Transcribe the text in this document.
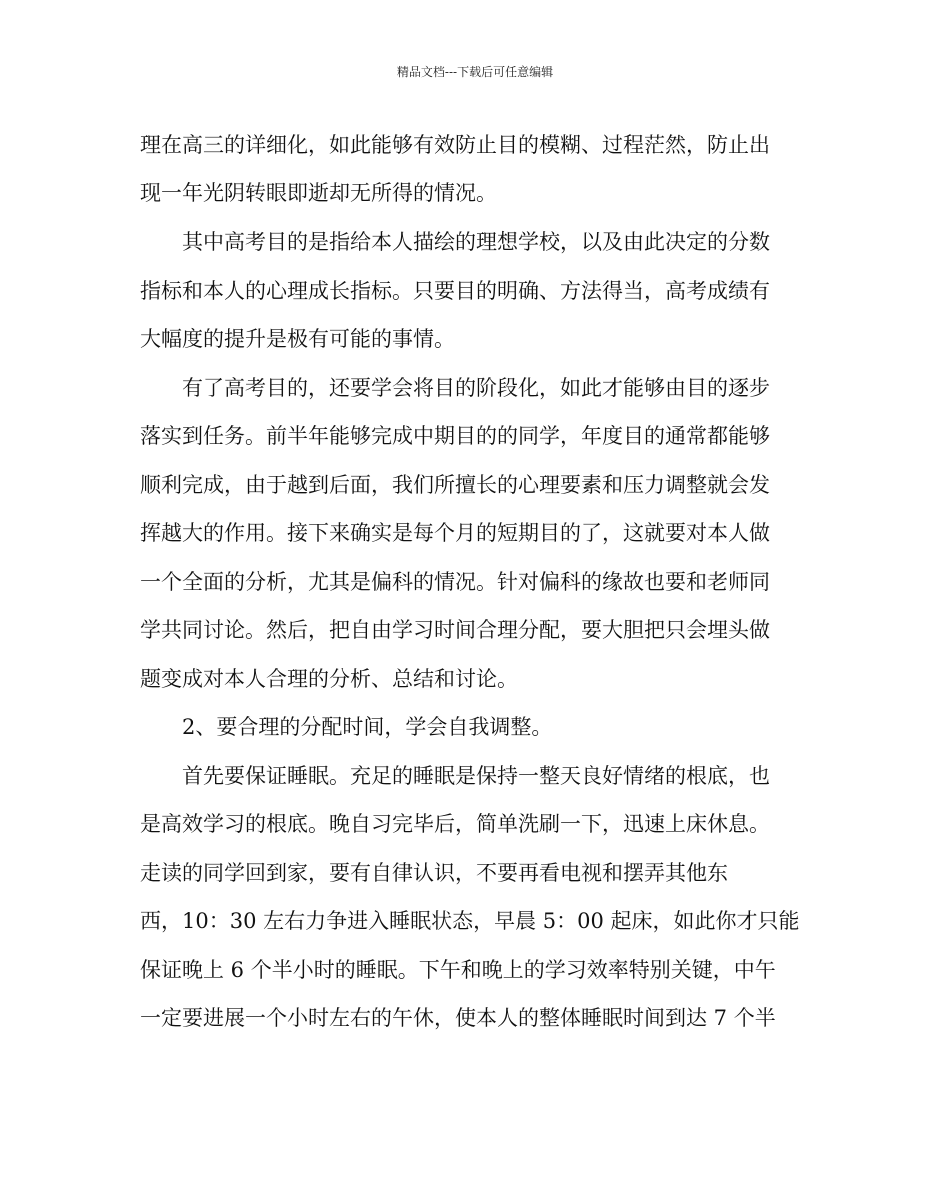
精品文档---下载后可任意编辑
理在高三的详细化，如此能够有效防止目的模糊、过程茫然，防止出
现一年光阴转眼即逝却无所得的情况。
其中高考目的是指给本人描绘的理想学校，以及由此决定的分数
指标和本人的心理成长指标。只要目的明确、方法得当，高考成绩有
大幅度的提升是极有可能的事情。
有了高考目的，还要学会将目的阶段化，如此才能够由目的逐步
落实到任务。前半年能够完成中期目的的同学，年度目的通常都能够
顺利完成，由于越到后面，我们所擅长的心理要素和压力调整就会发
挥越大的作用。接下来确实是每个月的短期目的了，这就要对本人做
一个全面的分析，尤其是偏科的情况。针对偏科的缘故也要和老师同
学共同讨论。然后，把自由学习时间合理分配，要大胆把只会埋头做
题变成对本人合理的分析、总结和讨论。
2、要合理的分配时间，学会自我调整。
首先要保证睡眠。充足的睡眠是保持一整天良好情绪的根底，也
是高效学习的根底。晚自习完毕后，简单洗刷一下，迅速上床休息。
走读的同学回到家，要有自律认识，不要再看电视和摆弄其他东
西，10：30 左右力争进入睡眠状态，早晨 5：00 起床，如此你才只能
保证晚上 6 个半小时的睡眠。下午和晚上的学习效率特别关键，中午
一定要进展一个小时左右的午休，使本人的整体睡眠时间到达 7 个半
